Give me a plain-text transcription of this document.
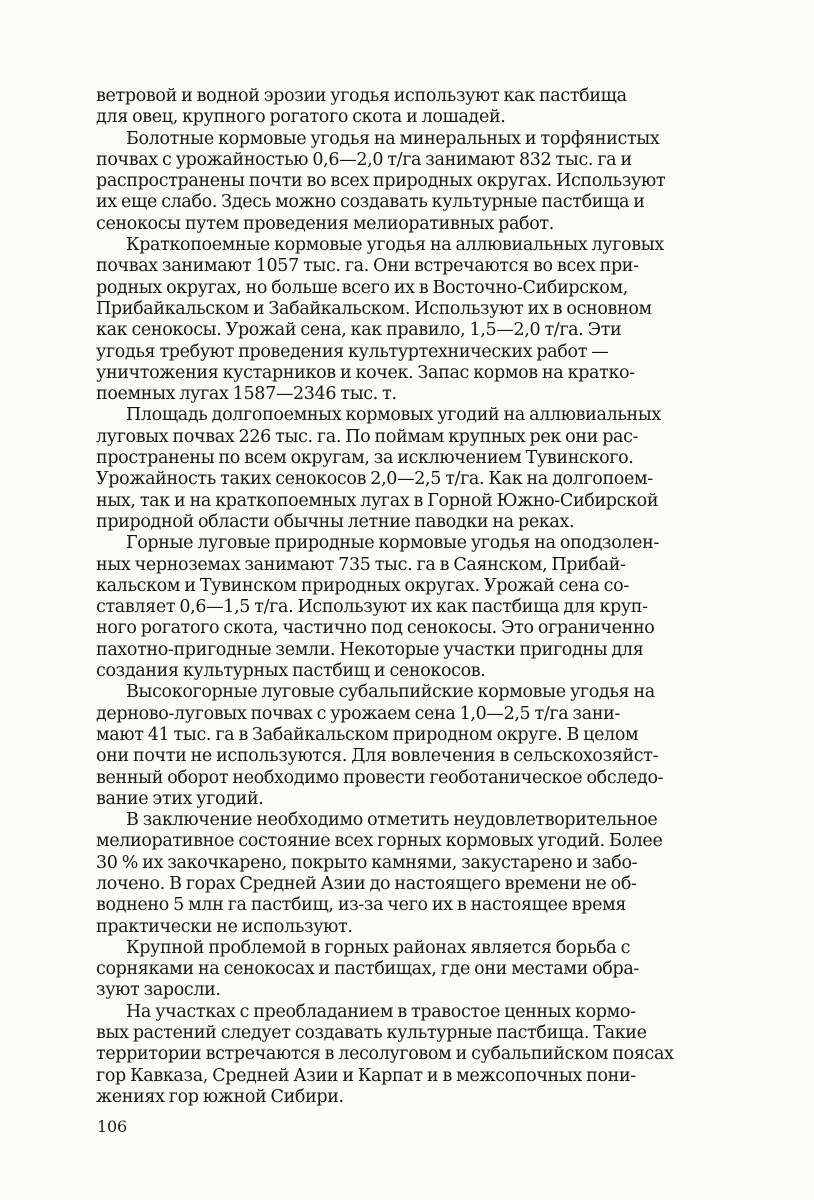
ветровой и водной эрозии угодья используют как пастбища
для овец, крупного рогатого скота и лошадей.
Болотные кормовые угодья на минеральных и торфянистых
почвах с урожайностью 0,6—2,0 т/га занимают 832 тыс. га и
распространены почти во всех природных округах. Используют
их еще слабо. Здесь можно создавать культурные пастбища и
сенокосы путем проведения мелиоративных работ.
Краткопоемные кормовые угодья на аллювиальных луговых
почвах занимают 1057 тыс. га. Они встречаются во всех при-
родных округах, но больше всего их в Восточно-Сибирском,
Прибайкальском и Забайкальском. Используют их в основном
как сенокосы. Урожай сена, как правило, 1,5—2,0 т/га. Эти
угодья требуют проведения культуртехнических работ —
уничтожения кустарников и кочек. Запас кормов на кратко-
поемных лугах 1587—2346 тыс. т.
Площадь долгопоемных кормовых угодий на аллювиальных
луговых почвах 226 тыс. га. По поймам крупных рек они рас-
пространены по всем округам, за исключением Тувинского.
Урожайность таких сенокосов 2,0—2,5 т/га. Как на долгопоем-
ных, так и на краткопоемных лугах в Горной Южно-Сибирской
природной области обычны летние паводки на реках.
Горные луговые природные кормовые угодья на оподзолен-
ных черноземах занимают 735 тыс. га в Саянском, Прибай-
кальском и Тувинском природных округах. Урожай сена со-
ставляет 0,6—1,5 т/га. Используют их как пастбища для круп-
ного рогатого скота, частично под сенокосы. Это ограниченно
пахотно-пригодные земли. Некоторые участки пригодны для
создания культурных пастбищ и сенокосов.
Высокогорные луговые субальпийские кормовые угодья на
дерново-луговых почвах с урожаем сена 1,0—2,5 т/га зани-
мают 41 тыс. га в Забайкальском природном округе. В целом
они почти не используются. Для вовлечения в сельскохозяйст-
венный оборот необходимо провести геоботаническое обследо-
вание этих угодий.
В заключение необходимо отметить неудовлетворительное
мелиоративное состояние всех горных кормовых угодий. Более
30 % их закочкарено, покрыто камнями, закустарено и забо-
лочено. В горах Средней Азии до настоящего времени не об-
воднено 5 млн га пастбищ, из-за чего их в настоящее время
практически не используют.
Крупной проблемой в горных районах является борьба с
сорняками на сенокосах и пастбищах, где они местами обра-
зуют заросли.
На участках с преобладанием в травостое ценных кормо-
вых растений следует создавать культурные пастбища. Такие
территории встречаются в лесолуговом и субальпийском поясах
гор Кавказа, Средней Азии и Карпат и в межсопочных пони-
жениях гор южной Сибири.
106
